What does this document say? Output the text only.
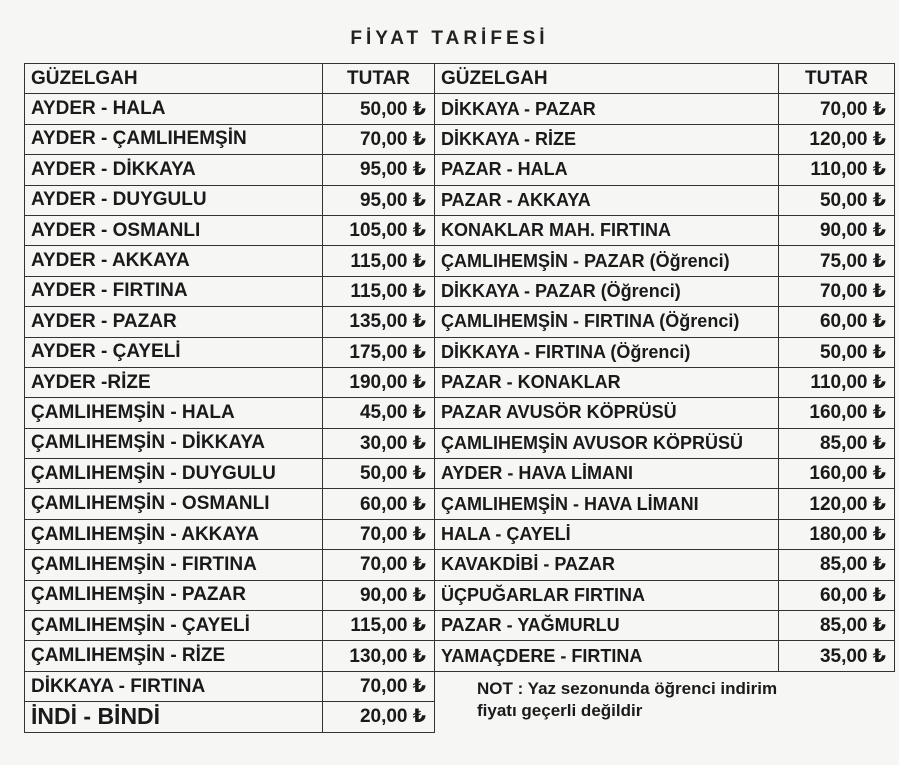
FİYAT TARİFESİ
GÜZELGAH	TUTAR	GÜZELGAH	TUTAR
AYDER - HALA	50,00 ₺	DİKKAYA - PAZAR	70,00 ₺
AYDER - ÇAMLIHEMŞİN	70,00 ₺	DİKKAYA - RİZE	120,00 ₺
AYDER - DİKKAYA	95,00 ₺	PAZAR - HALA	110,00 ₺
AYDER - DUYGULU	95,00 ₺	PAZAR - AKKAYA	50,00 ₺
AYDER - OSMANLI	105,00 ₺	KONAKLAR MAH. FIRTINA	90,00 ₺
AYDER - AKKAYA	115,00 ₺	ÇAMLIHEMŞİN - PAZAR (Öğrenci)	75,00 ₺
AYDER - FIRTINA	115,00 ₺	DİKKAYA - PAZAR (Öğrenci)	70,00 ₺
AYDER - PAZAR	135,00 ₺	ÇAMLIHEMŞİN - FIRTINA (Öğrenci)	60,00 ₺
AYDER - ÇAYELİ	175,00 ₺	DİKKAYA - FIRTINA (Öğrenci)	50,00 ₺
AYDER -RİZE	190,00 ₺	PAZAR - KONAKLAR	110,00 ₺
ÇAMLIHEMŞİN - HALA	45,00 ₺	PAZAR AVUSÖR KÖPRÜSÜ	160,00 ₺
ÇAMLIHEMŞİN - DİKKAYA	30,00 ₺	ÇAMLIHEMŞİN AVUSOR KÖPRÜSÜ	85,00 ₺
ÇAMLIHEMŞİN - DUYGULU	50,00 ₺	AYDER - HAVA LİMANI	160,00 ₺
ÇAMLIHEMŞİN - OSMANLI	60,00 ₺	ÇAMLIHEMŞİN - HAVA LİMANI	120,00 ₺
ÇAMLIHEMŞİN - AKKAYA	70,00 ₺	HALA - ÇAYELİ	180,00 ₺
ÇAMLIHEMŞİN - FIRTINA	70,00 ₺	KAVAKDİBİ - PAZAR	85,00 ₺
ÇAMLIHEMŞİN - PAZAR	90,00 ₺	ÜÇPUĞARLAR FIRTINA	60,00 ₺
ÇAMLIHEMŞİN - ÇAYELİ	115,00 ₺	PAZAR - YAĞMURLU	85,00 ₺
ÇAMLIHEMŞİN - RİZE	130,00 ₺	YAMAÇDERE - FIRTINA	35,00 ₺
DİKKAYA - FIRTINA	70,00 ₺	NOT : Yaz sezonunda öğrenci indirim
fiyatı geçerli değildir	

İNDİ - BİNDİ	20,00 ₺		
